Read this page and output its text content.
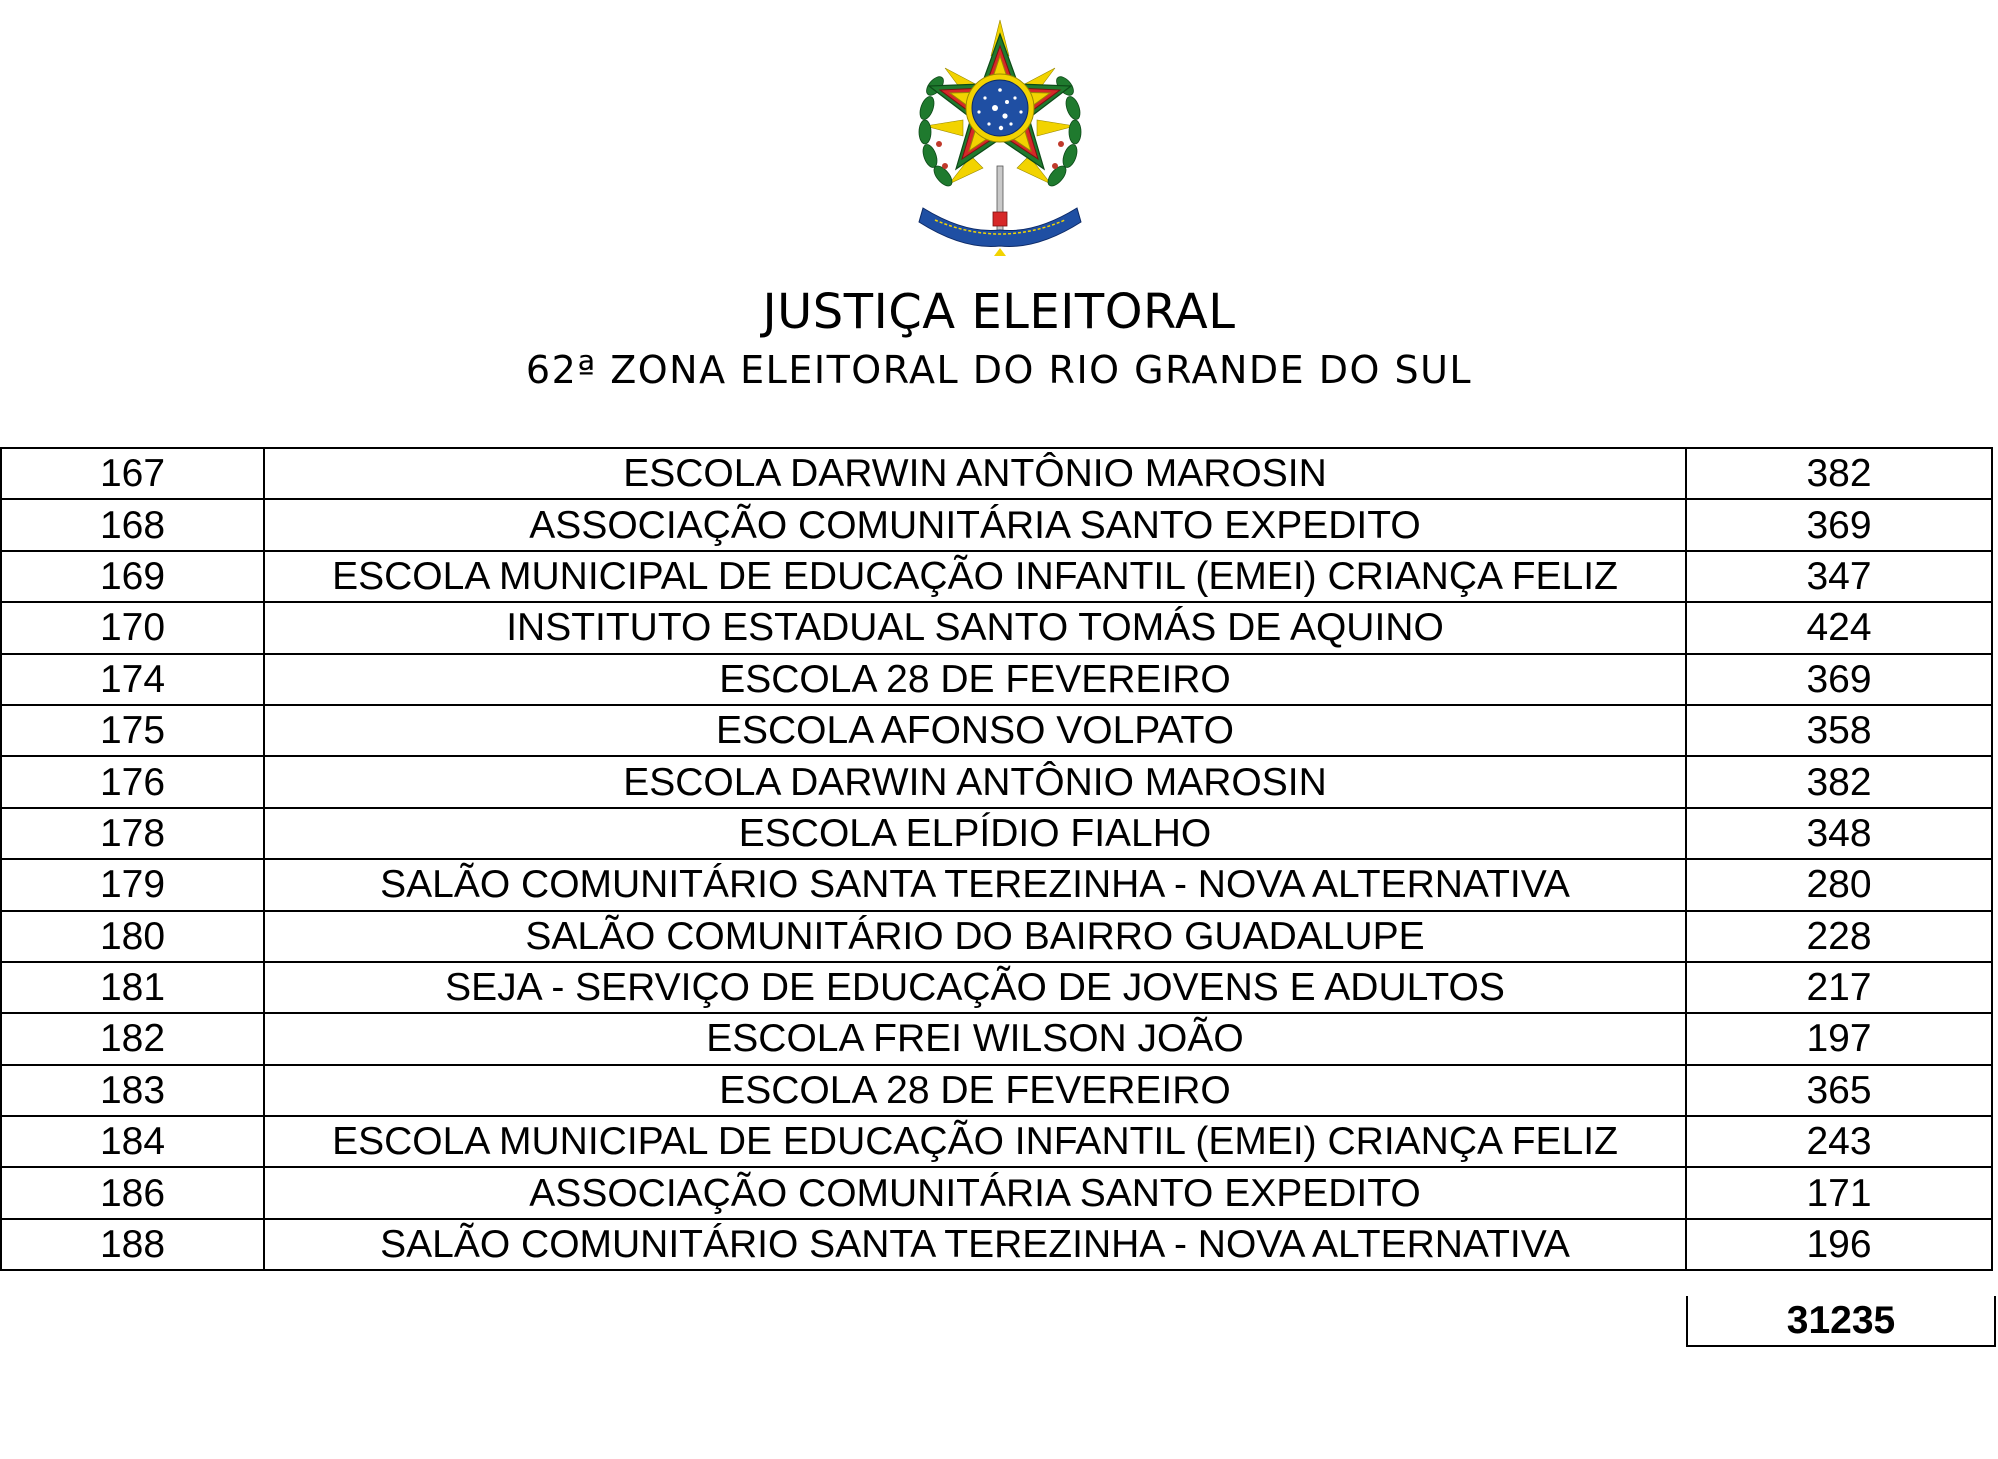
JUSTIÇA ELEITORAL
62ª ZONA ELEITORAL DO RIO GRANDE DO SUL
167	ESCOLA DARWIN ANTÔNIO MAROSIN	382
168	ASSOCIAÇÃO COMUNITÁRIA SANTO EXPEDITO	369
169	ESCOLA MUNICIPAL DE EDUCAÇÃO INFANTIL (EMEI) CRIANÇA FELIZ	347
170	INSTITUTO ESTADUAL SANTO TOMÁS DE AQUINO	424
174	ESCOLA 28 DE FEVEREIRO	369
175	ESCOLA AFONSO VOLPATO	358
176	ESCOLA DARWIN ANTÔNIO MAROSIN	382
178	ESCOLA ELPÍDIO FIALHO	348
179	SALÃO COMUNITÁRIO SANTA TEREZINHA - NOVA ALTERNATIVA	280
180	SALÃO COMUNITÁRIO DO BAIRRO GUADALUPE	228
181	SEJA - SERVIÇO DE EDUCAÇÃO DE JOVENS E ADULTOS	217
182	ESCOLA FREI WILSON JOÃO	197
183	ESCOLA 28 DE FEVEREIRO	365
184	ESCOLA MUNICIPAL DE EDUCAÇÃO INFANTIL (EMEI) CRIANÇA FELIZ	243
186	ASSOCIAÇÃO COMUNITÁRIA SANTO EXPEDITO	171
188	SALÃO COMUNITÁRIO SANTA TEREZINHA - NOVA ALTERNATIVA	196
31235
